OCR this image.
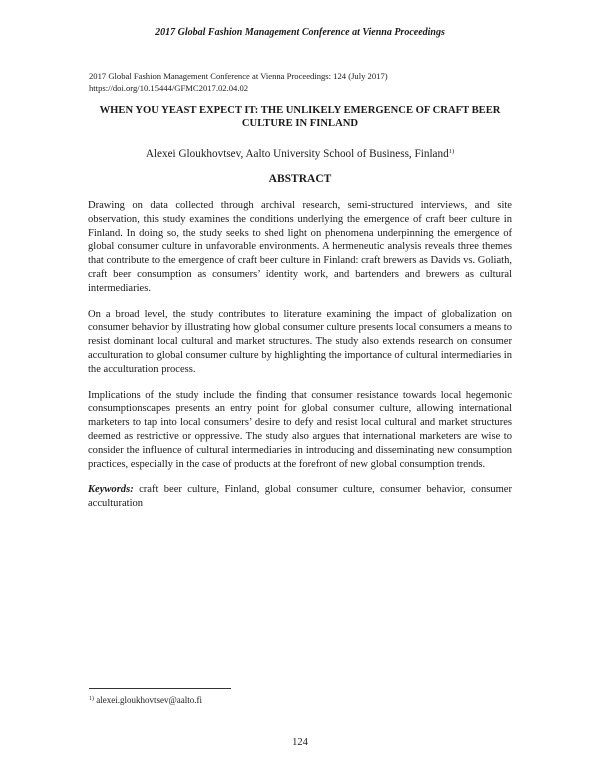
2017 Global Fashion Management Conference at Vienna Proceedings
2017 Global Fashion Management Conference at Vienna Proceedings: 124 (July 2017)
https://doi.org/10.15444/GFMC2017.02.04.02
WHEN YOU YEAST EXPECT IT: THE UNLIKELY EMERGENCE OF CRAFT BEER CULTURE IN FINLAND
Alexei Gloukhovtsev, Aalto University School of Business, Finland$^{1)}$
ABSTRACT

Drawing on data collected through archival research, semi-structured interviews, and site observation, this study examines the conditions underlying the emergence of craft beer culture in Finland. In doing so, the study seeks to shed light on phenomena underpinning the emergence of global consumer culture in unfavorable environments. A hermeneutic analysis reveals three themes that contribute to the emergence of craft beer culture in Finland: craft brewers as Davids vs. Goliath, craft beer consumption as consumers’ identity work, and bartenders and brewers as cultural intermediaries.

On a broad level, the study contributes to literature examining the impact of globalization on consumer behavior by illustrating how global consumer culture presents local consumers a means to resist dominant local cultural and market structures. The study also extends research on consumer acculturation to global consumer culture by highlighting the importance of cultural intermediaries in the acculturation process.

Implications of the study include the finding that consumer resistance towards local hegemonic consumptionscapes presents an entry point for global consumer culture, allowing international marketers to tap into local consumers’ desire to defy and resist local cultural and market structures deemed as restrictive or oppressive. The study also argues that international marketers are wise to consider the influence of cultural intermediaries in introducing and disseminating new consumption practices, especially in the case of products at the forefront of new global consumption trends.

Keywords: craft beer culture, Finland, global consumer culture, consumer behavior, consumer acculturation

$^{1)}$ alexei.gloukhovtsev@aalto.fi
124
